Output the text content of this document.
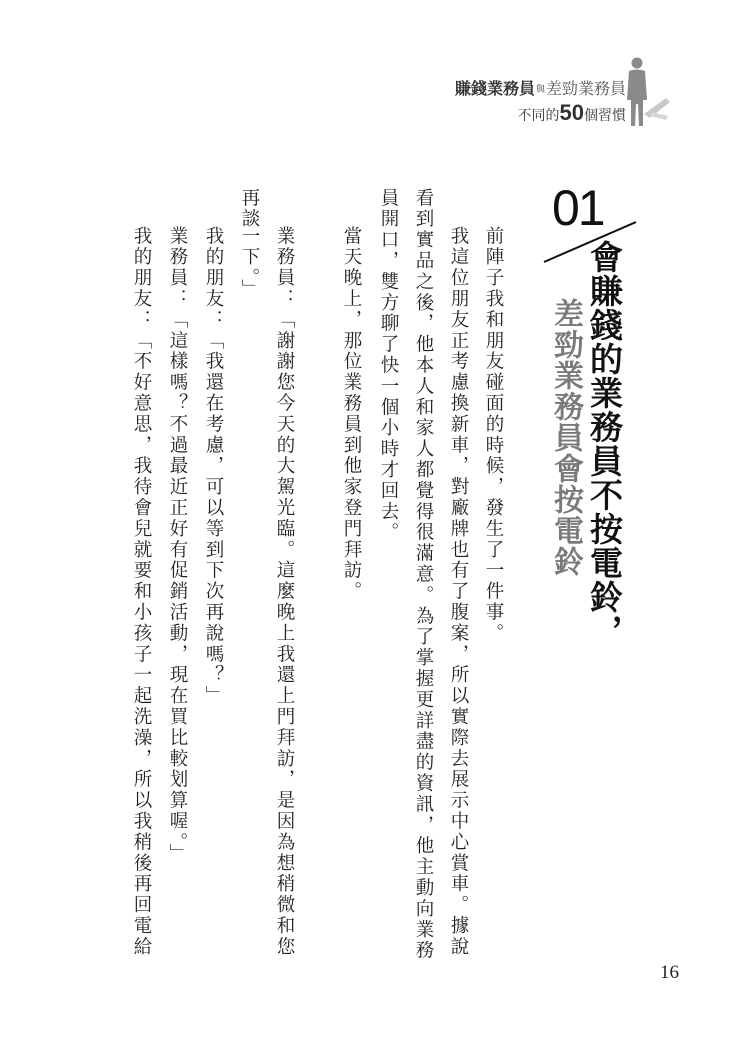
賺錢業務員與差勁業務員
不同的50個習慣
01
會賺錢的業務員不按電鈴，
差勁業務員會按電鈴
前陣子我和朋友碰面的時候，發生了一件事。
我這位朋友正考慮換新車，對廠牌也有了腹案，所以實際去展示中心賞車。據說
看到實品之後，他本人和家人都覺得很滿意。為了掌握更詳盡的資訊，他主動向業務
員開口，雙方聊了快一個小時才回去。
當天晚上，那位業務員到他家登門拜訪。
業務員：「謝謝您今天的大駕光臨。這麼晚上我還上門拜訪，是因為想稍微和您
一下。」
再談
我的朋友：「我還在考慮，可以等到下次再說嗎？」
業務員：「這樣嗎？不過最近正好有促銷活動，現在買比較划算喔。」
我的朋友：「不好意思，我待會兒就要和小孩子一起洗澡，所以我稍後再回電給
16
